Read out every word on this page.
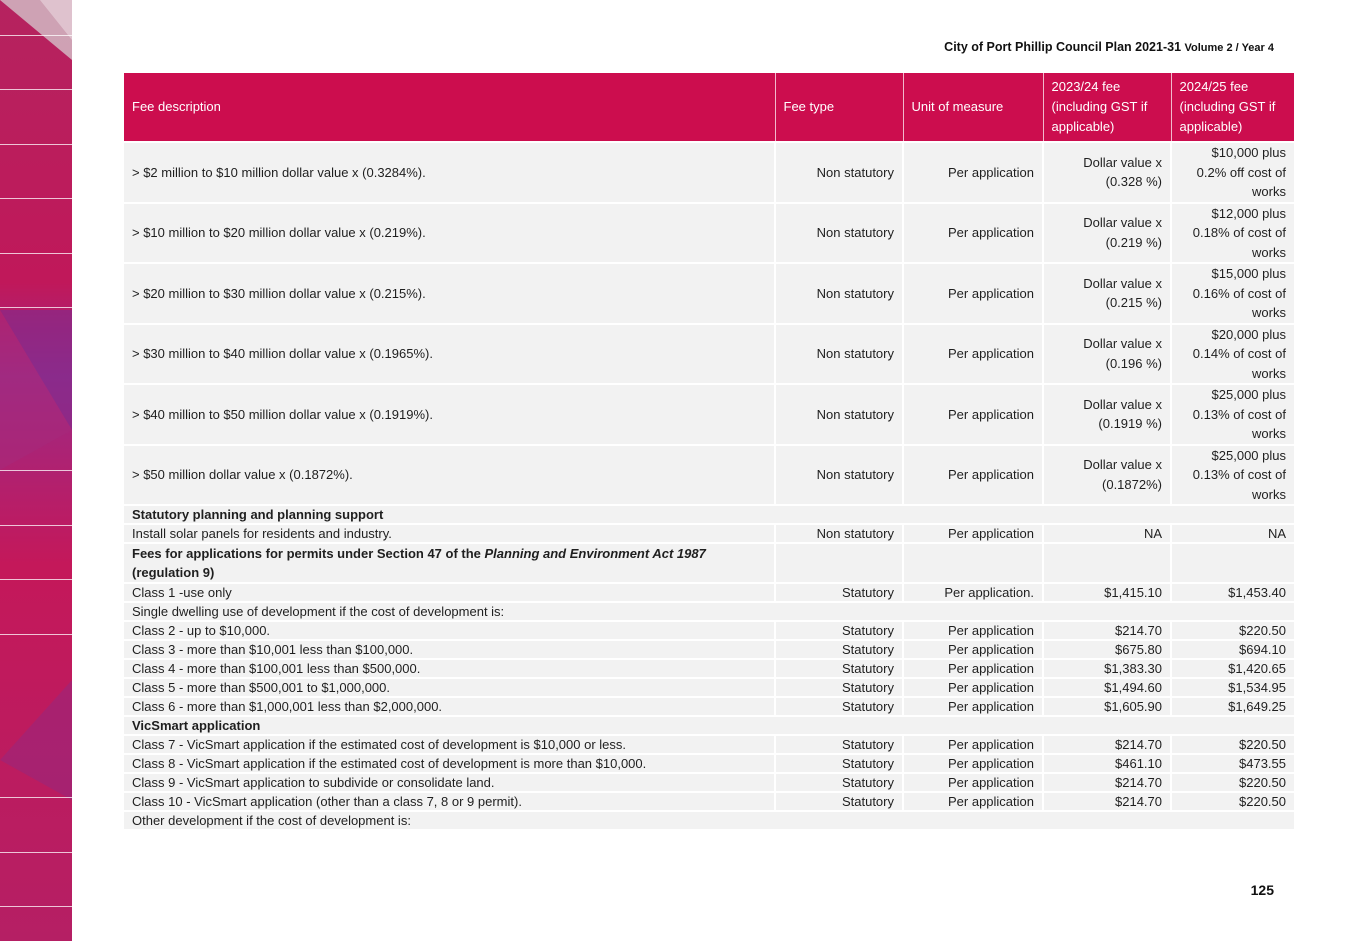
City of Port Phillip Council Plan 2021-31 Volume 2 / Year 4
Fee description	Fee type	Unit of measure	2023/24 fee (including GST if applicable)	2024/25 fee (including GST if applicable)
> $2 million to $10 million dollar value x (0.3284%).	Non statutory	Per application	Dollar value x (0.328 %)	$10,000 plus 0.2% off cost of works
> $10 million to $20 million dollar value x (0.219%).	Non statutory	Per application	Dollar value x (0.219 %)	$12,000 plus 0.18% of cost of works
> $20 million to $30 million dollar value x (0.215%).	Non statutory	Per application	Dollar value x (0.215 %)	$15,000 plus 0.16% of cost of works
> $30 million to $40 million dollar value x (0.1965%).	Non statutory	Per application	Dollar value x (0.196 %)	$20,000 plus 0.14% of cost of works
> $40 million to $50 million dollar value x (0.1919%).	Non statutory	Per application	Dollar value x (0.1919 %)	$25,000 plus 0.13% of cost of works
> $50 million dollar value x (0.1872%).	Non statutory	Per application	Dollar value x (0.1872%)	$25,000 plus 0.13% of cost of works
Statutory planning and planning support				
Install solar panels for residents and industry.	Non statutory	Per application	NA	NA
Fees for applications for permits under Section 47 of the Planning and Environment Act 1987 (regulation 9)				
Class 1 -use only	Statutory	Per application.	$1,415.10	$1,453.40
Single dwelling use of development if the cost of development is:				
Class 2 - up to $10,000.	Statutory	Per application	$214.70	$220.50
Class 3 - more than $10,001 less than $100,000.	Statutory	Per application	$675.80	$694.10
Class 4 - more than $100,001 less than $500,000.	Statutory	Per application	$1,383.30	$1,420.65
Class 5 - more than $500,001 to $1,000,000.	Statutory	Per application	$1,494.60	$1,534.95
Class 6 - more than $1,000,001 less than $2,000,000.	Statutory	Per application	$1,605.90	$1,649.25
VicSmart application				
Class 7 - VicSmart application if the estimated cost of development is $10,000 or less.	Statutory	Per application	$214.70	$220.50
Class 8 - VicSmart application if the estimated cost of development is more than $10,000.	Statutory	Per application	$461.10	$473.55
Class 9 - VicSmart application to subdivide or consolidate land.	Statutory	Per application	$214.70	$220.50
Class 10 - VicSmart application (other than a class 7, 8 or 9 permit).	Statutory	Per application	$214.70	$220.50
Other development if the cost of development is:				
125
